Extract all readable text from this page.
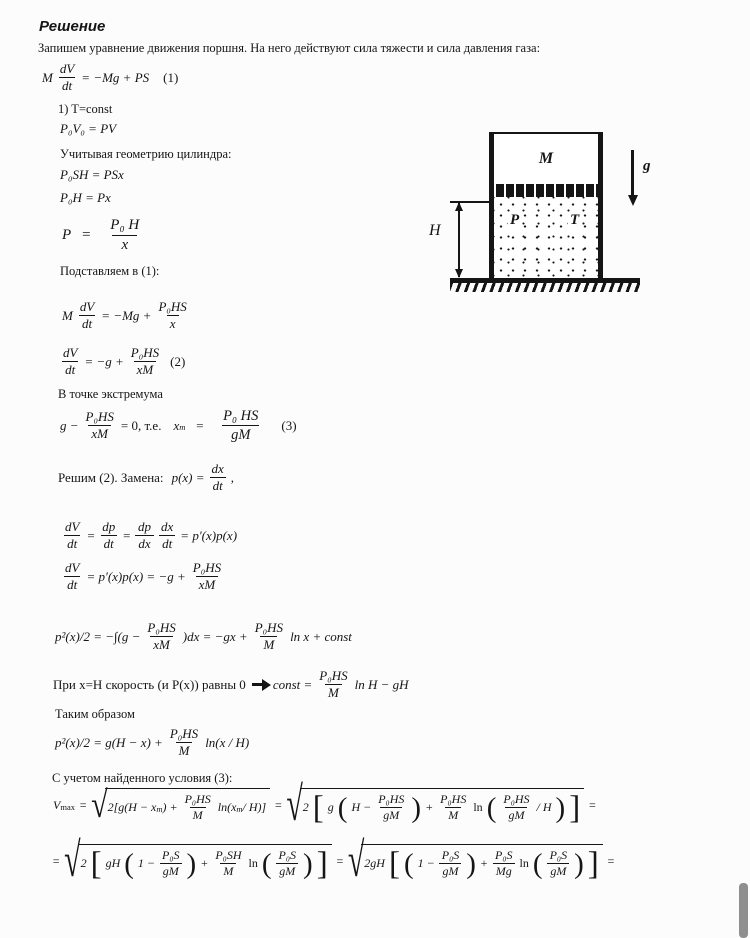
Решение
Запишем уравнение движения поршня. На него действуют сила тяжести и сила давления газа:
M $\frac{dV}{dt} = -Mg$ + PS (1)
1) T=const
P₀V₀ = PV
Учитывая геометрию цилиндра:
P₀SH = PSx
P₀H = Px
$P = \frac{\text{P₀ H}}{x}$
Подставляем в (1):
M $\frac{dV}{dt} = -Mg + \frac{\text{P₀HS}}{x}$
$\frac{dV}{dt} = -g + \frac{\text{P₀HS}}{xM} (2)$
В точке экстремума
$g - \frac{\text{P₀HS}}{xM} = 0$, т.е. x $m = \frac{\text{P₀ HS}}{gM} (3)$
Решим (2). Замена: $p(x) = \frac{dx}{dt}$ ,
$\frac{dV}{dt} = \frac{dp}{dt} = \frac{dp}{dx} \frac{dx}{dt} = p'(x)p(x)$
$\frac{dV}{dt} = p'(x)p(x) = -g + \frac{\text{P₀HS}}{xM}$
$p^2(x)/2 = -\int(g - \frac{\text{P₀HS}}{xM} )dx = -gx + \frac{\text{P₀HS}}{M}$ ln x + const
При x=H скорость (и P(x)) равны 0 const = $\frac{\text{P₀HS}}{M}$ ln H − gH
Таким образом
$p^2(x)/2 = g(H - x) + \frac{\text{P₀HS}}{M} \ln(x / H)$
С учетом найденного условия (3):
V max = √ 2[g(H − x m ) + $\frac{\text{P₀HS}}{M} \ln(x$ m / H)] = √ 2 [ g ( $H - \frac{\text{P₀HS}}{gM}$ ) + $\frac{\text{P₀HS}}{M}$ ln ( $\frac{\text{P₀HS}}{gM}$ / H ) ] =
= √ 2 [ gH ( $1 - \frac{\text{P₀S}}{gM}$ ) + $\frac{\text{P₀SH}}{M}$ ln ( $\frac{\text{P₀S}}{gM}$ ) ] = √ 2gH [ ( $1 - \frac{\text{P₀S}}{gM}$ ) + $\frac{\text{P₀S}}{Mg}$ ln ( $\frac{\text{P₀S}}{gM}$ ) ] =
M
P	T
g
H
